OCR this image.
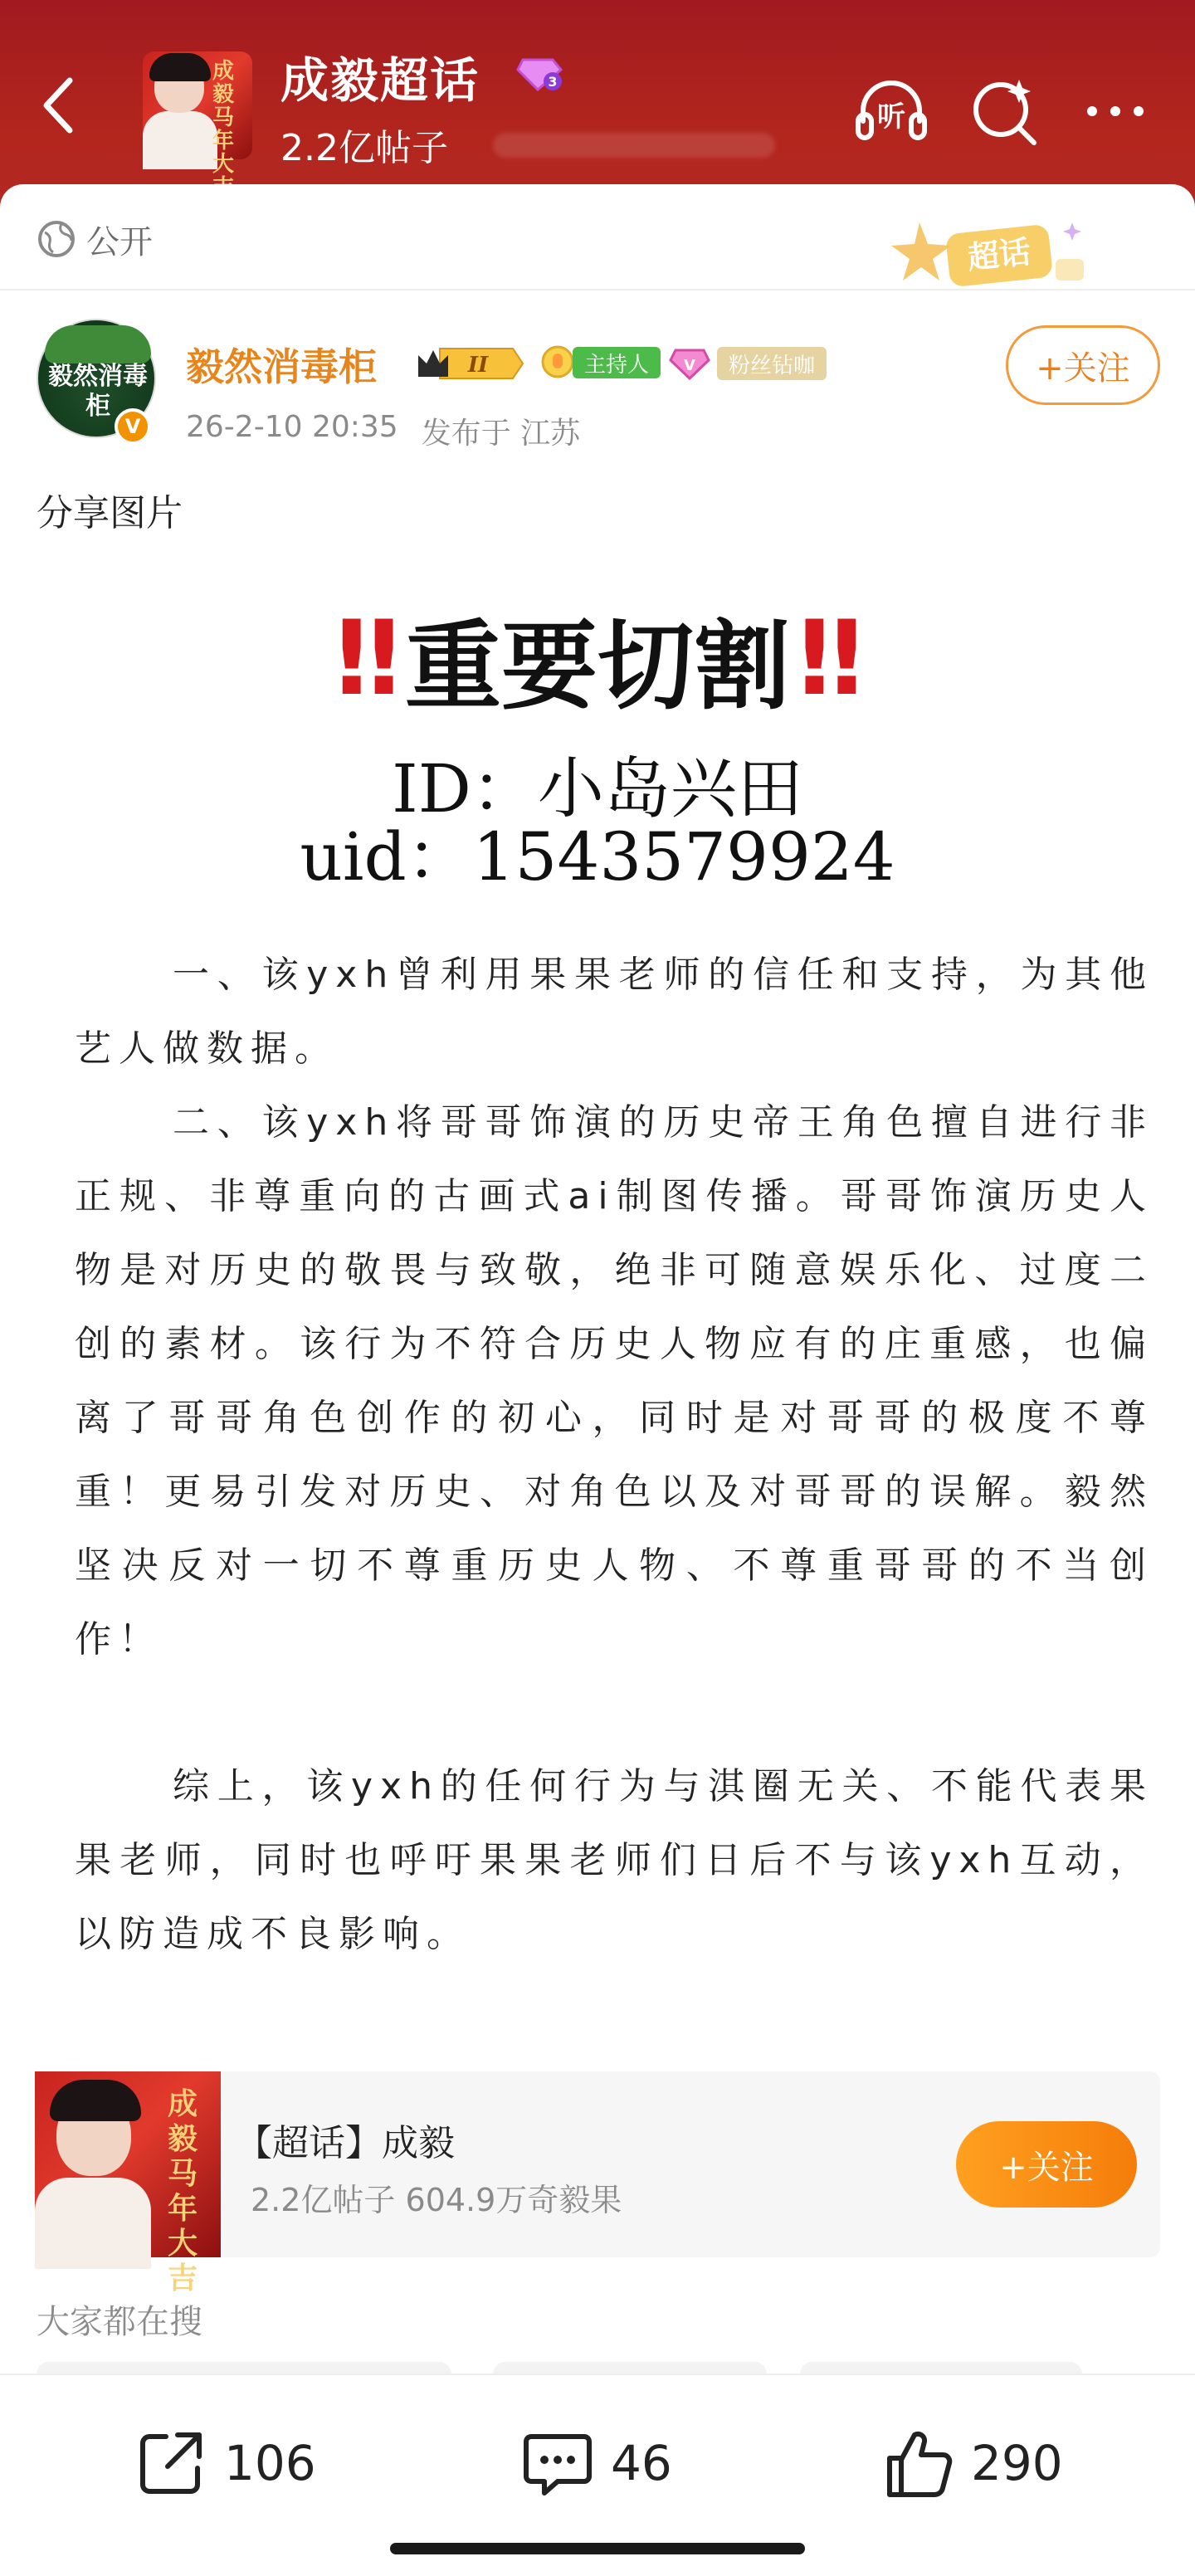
成毅马年大
成毅超话	3
2.2亿帖子
听
公开	超话
毅然消毒柜
V
毅然消毒柜	II	主持人	V	粉丝钻咖
26-2-10 20:35 发布于 江苏
+关注
分享图片
‼ 重要切割 ‼
ID：小岛兴田
uid：1543579924
一、该yxh曾利用果果老师的信任和支持，为其他艺人做数据。
二、该yxh将哥哥饰演的历史帝王角色擅自进行非正规、非尊重向的古画式ai制图传播。哥哥饰演历史人物是对历史的敬畏与致敬，绝非可随意娱乐化、过度二创的素材。该行为不符合历史人物应有的庄重感，也偏离了哥哥角色创作的初心，同时是对哥哥的极度不尊重！更易引发对历史、对角色以及对哥哥的误解。毅然坚决反对一切不尊重历史人物、不尊重哥哥的不当创作！
综上，该yxh的任何行为与淇圈无关、不能代表果果老师，同时也呼吁果果老师们日后不与该yxh互动，以防造成不良影响。
成毅马年大吉
【超话】成毅
2.2亿帖子 604.9万奇毅果
+关注
大家都在搜
106	46	290
